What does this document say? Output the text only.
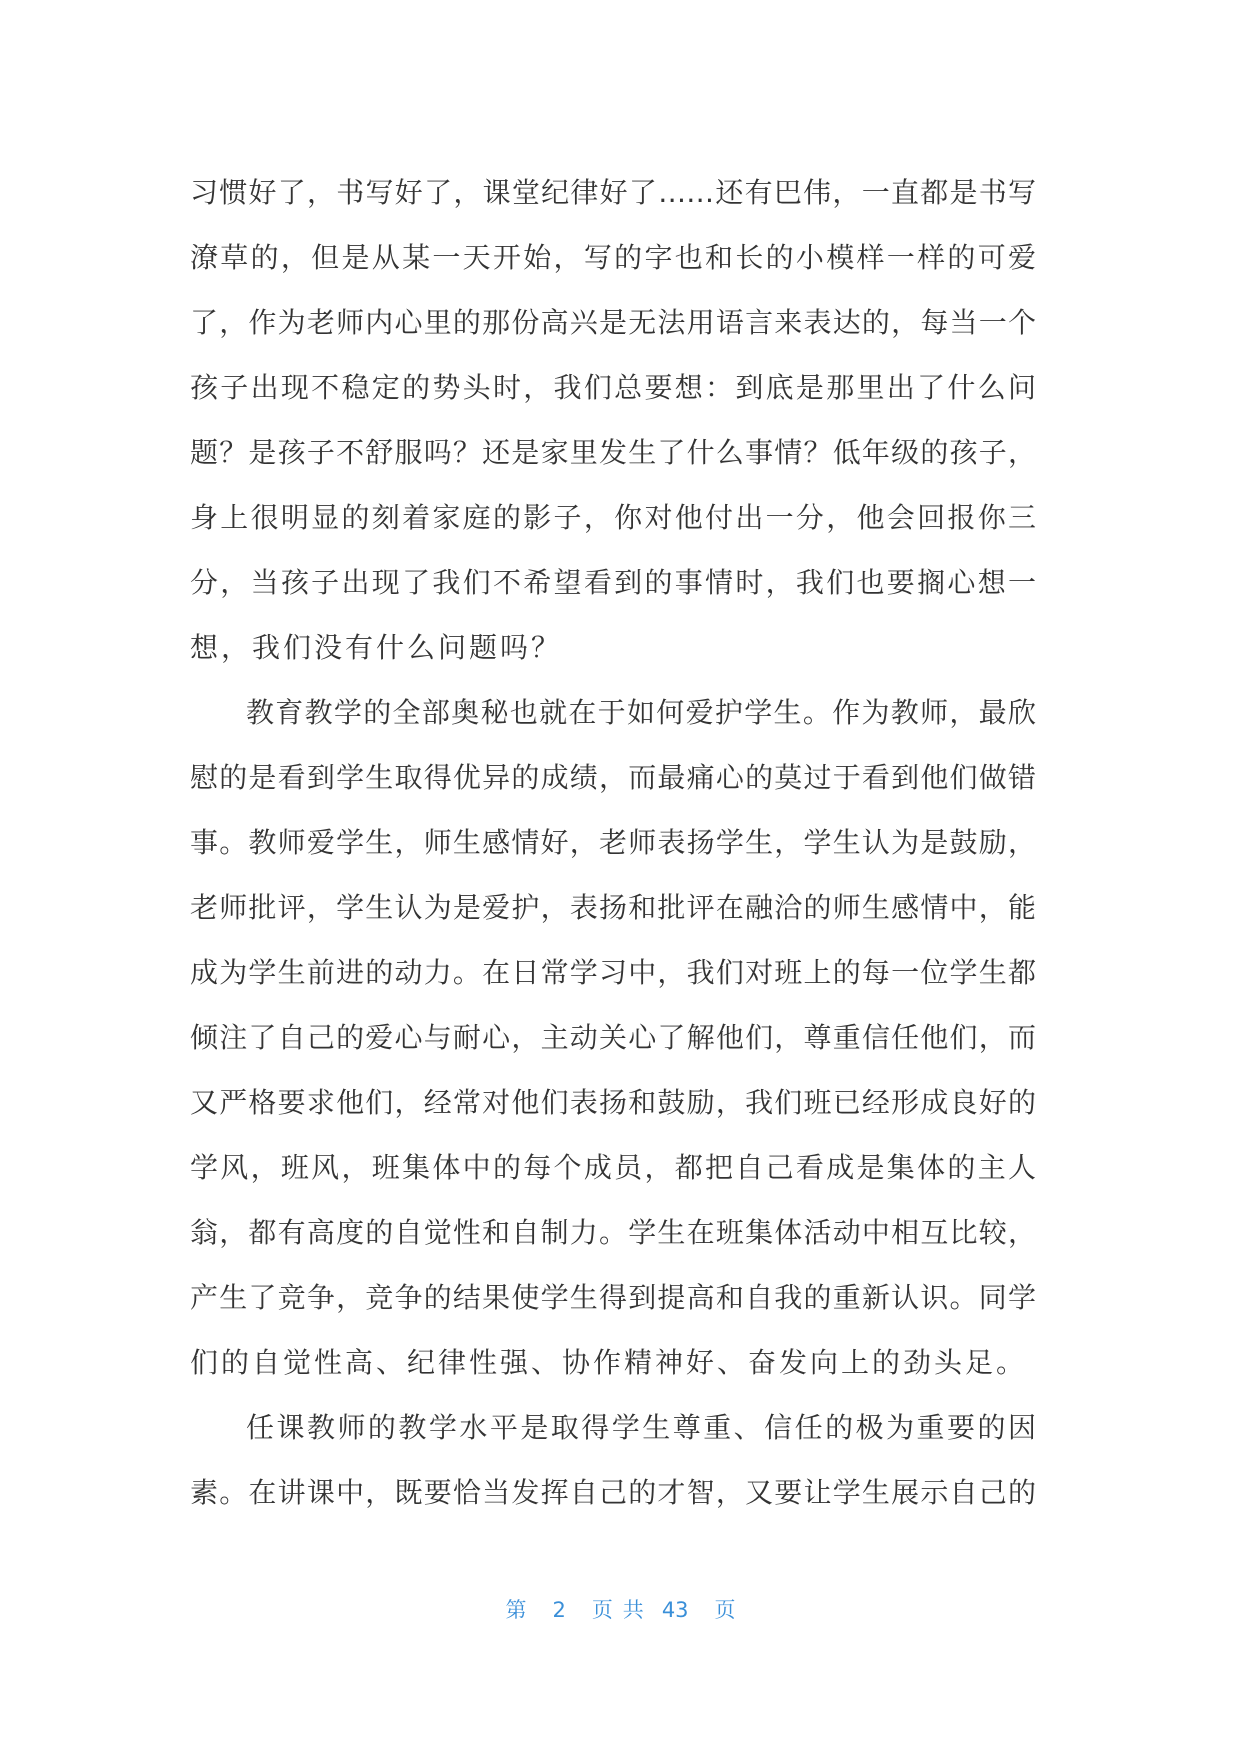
习惯好了，书写好了，课堂纪律好了……还有巴伟，一直都是书写
潦草的，但是从某一天开始，写的字也和长的小模样一样的可爱
了，作为老师内心里的那份高兴是无法用语言来表达的，每当一个
孩子出现不稳定的势头时，我们总要想：到底是那里出了什么问
题？是孩子不舒服吗？还是家里发生了什么事情？低年级的孩子，
身上很明显的刻着家庭的影子，你对他付出一分，他会回报你三
分，当孩子出现了我们不希望看到的事情时，我们也要搁心想一
想，我们没有什么问题吗？
教育教学的全部奥秘也就在于如何爱护学生。作为教师，最欣
慰的是看到学生取得优异的成绩，而最痛心的莫过于看到他们做错
事。教师爱学生，师生感情好，老师表扬学生，学生认为是鼓励，
老师批评，学生认为是爱护，表扬和批评在融洽的师生感情中，能
成为学生前进的动力。在日常学习中，我们对班上的每一位学生都
倾注了自己的爱心与耐心，主动关心了解他们，尊重信任他们，而
又严格要求他们，经常对他们表扬和鼓励，我们班已经形成良好的
学风，班风，班集体中的每个成员，都把自己看成是集体的主人
翁，都有高度的自觉性和自制力。学生在班集体活动中相互比较，
产生了竞争，竞争的结果使学生得到提高和自我的重新认识。同学
们的自觉性高、纪律性强、协作精神好、奋发向上的劲头足。
任课教师的教学水平是取得学生尊重、信任的极为重要的因
素。在讲课中，既要恰当发挥自己的才智，又要让学生展示自己的
第 2 页共 43 页
